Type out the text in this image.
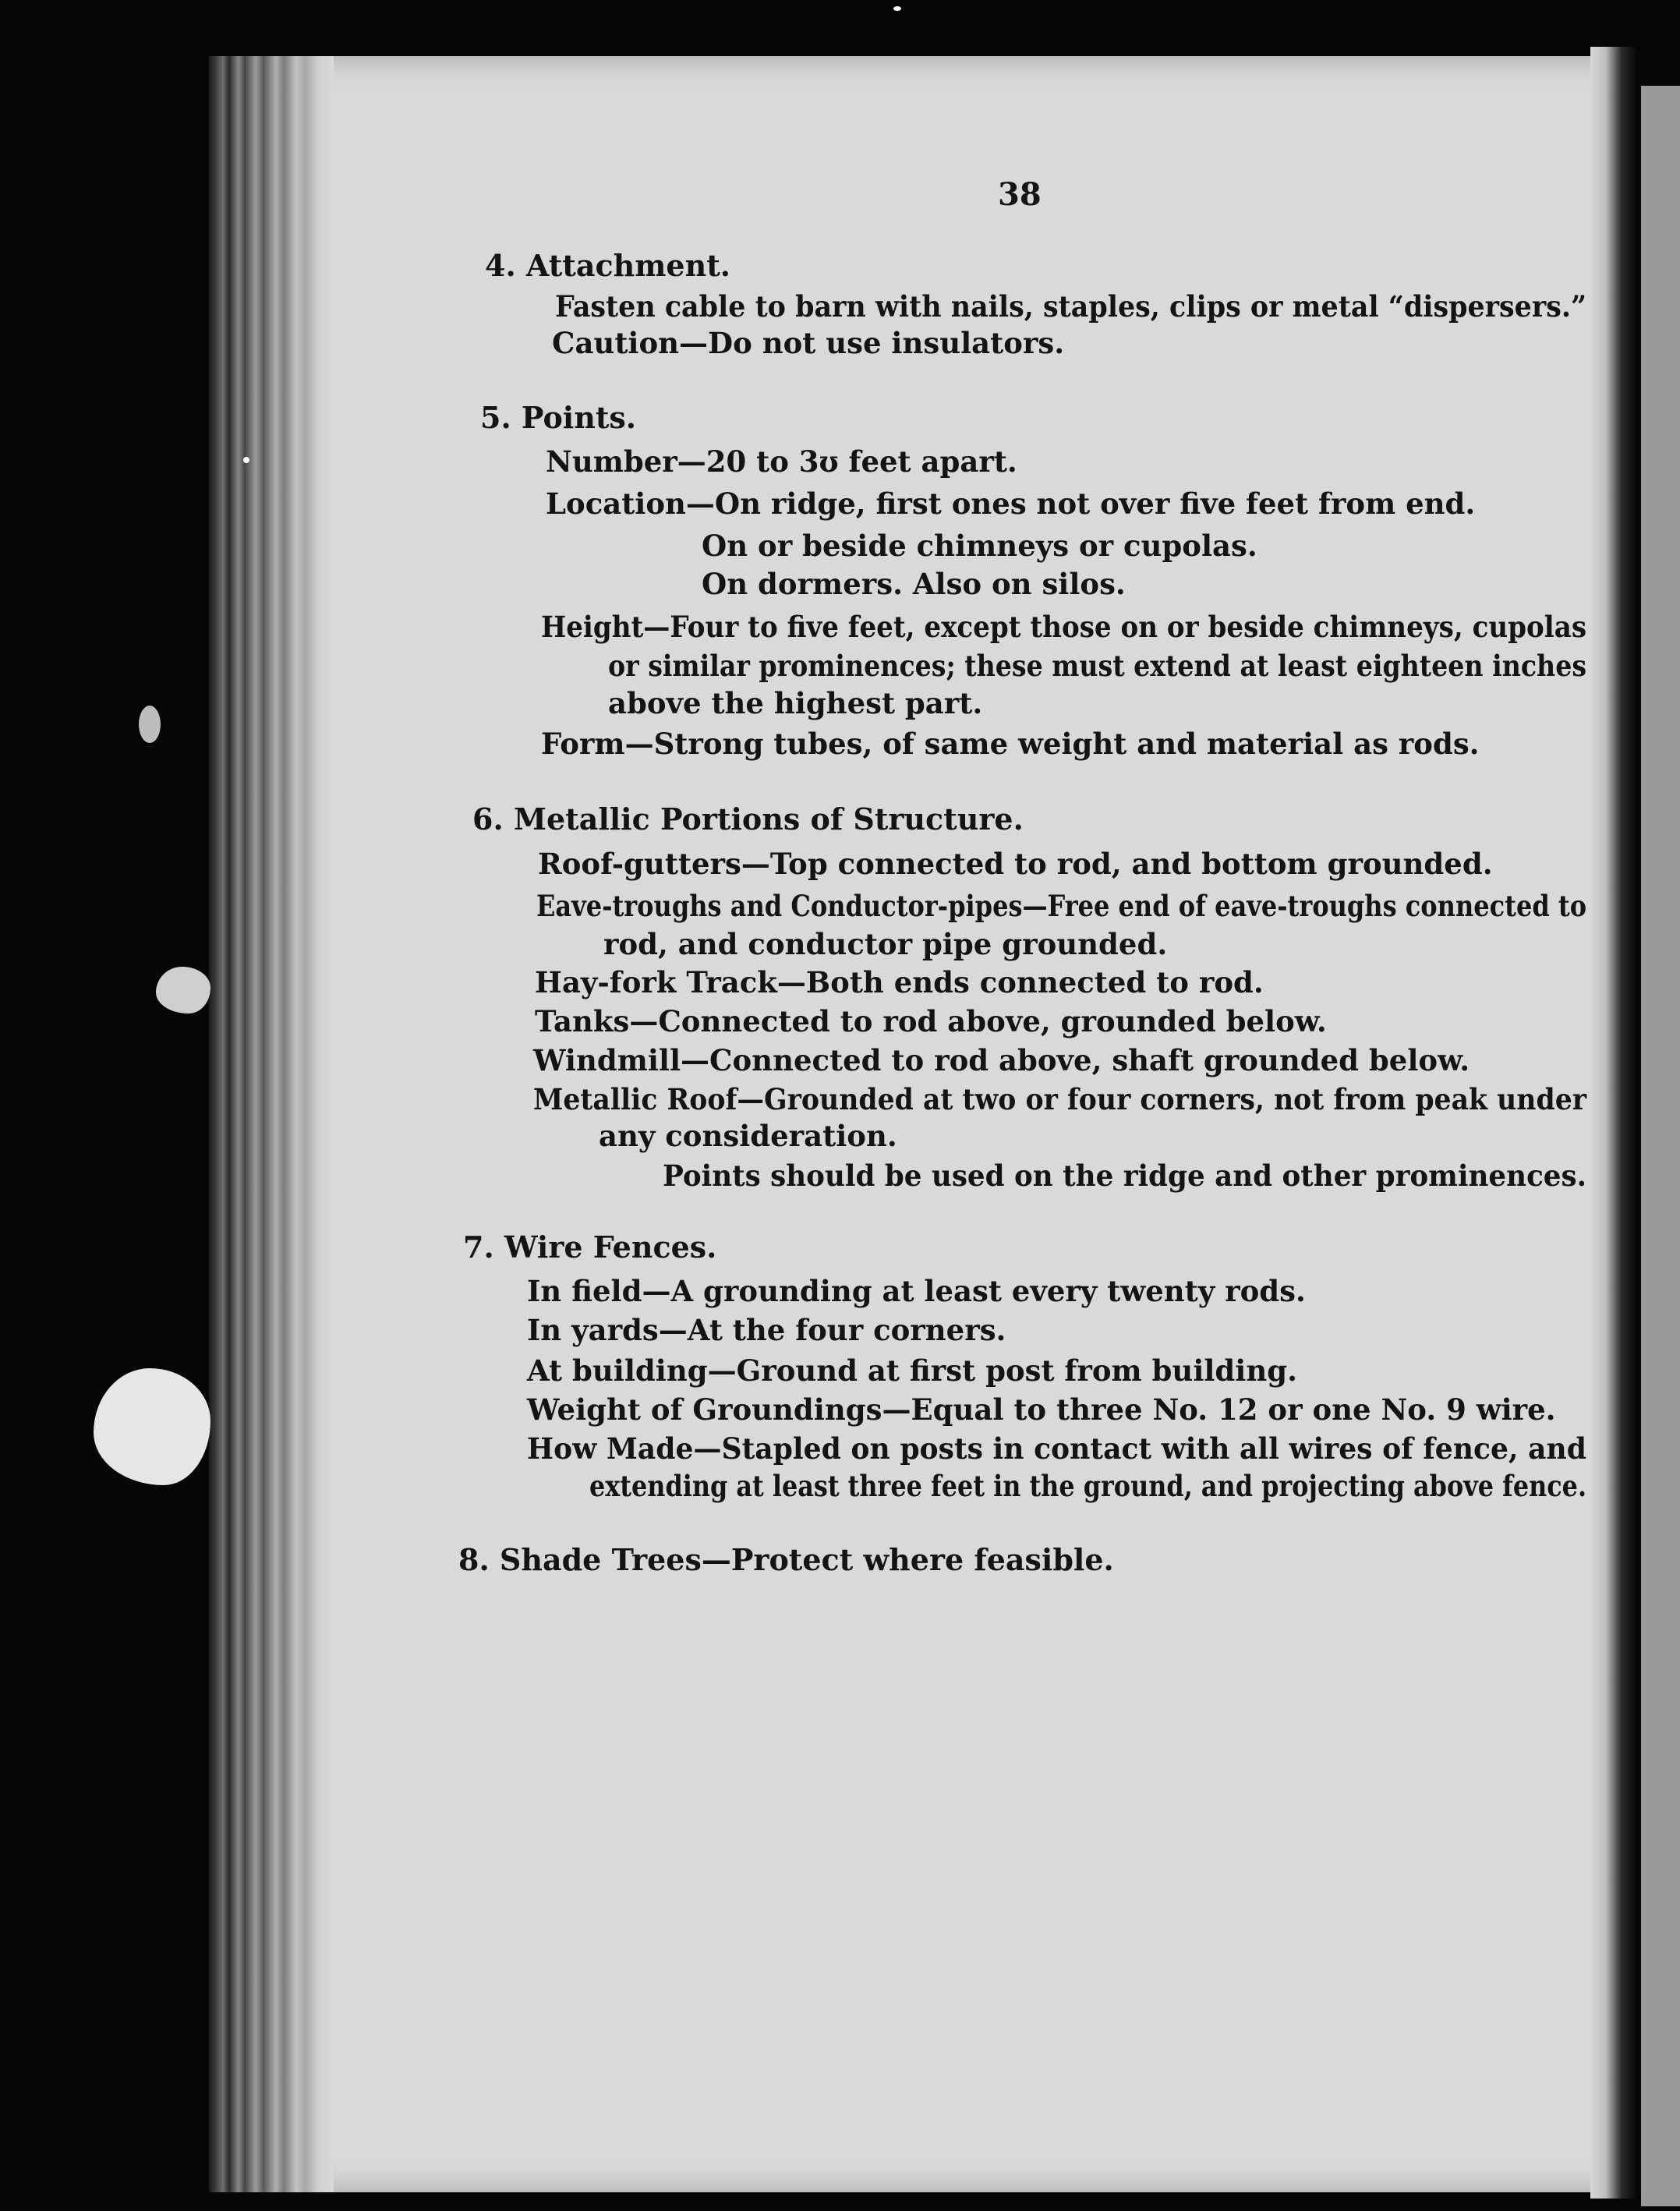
38
4. Attachment.
Fasten cable to barn with nails, staples, clips or metal “dispersers.”
Caution—Do not use insulators.
5. Points.
Number—20 to 3ʊ feet apart.
Location—On ridge, first ones not over five feet from end.
On or beside chimneys or cupolas.
On dormers. Also on silos.
Height—Four to five feet, except those on or beside chimneys, cupolas
or similar prominences; these must extend at least eighteen inches
above the highest part.
Form—Strong tubes, of same weight and material as rods.
6. Metallic Portions of Structure.
Roof-gutters—Top connected to rod, and bottom grounded.
Eave-troughs and Conductor-pipes—Free end of eave-troughs connected to
rod, and conductor pipe grounded.
Hay-fork Track—Both ends connected to rod.
Tanks—Connected to rod above, grounded below.
Windmill—Connected to rod above, shaft grounded below.
Metallic Roof—Grounded at two or four corners, not from peak under
any consideration.
Points should be used on the ridge and other prominences.
7. Wire Fences.
In field—A grounding at least every twenty rods.
In yards—At the four corners.
At building—Ground at first post from building.
Weight of Groundings—Equal to three No. 12 or one No. 9 wire.
How Made—Stapled on posts in contact with all wires of fence, and
extending at least three feet in the ground, and projecting above fence.
8. Shade Trees—Protect where feasible.
